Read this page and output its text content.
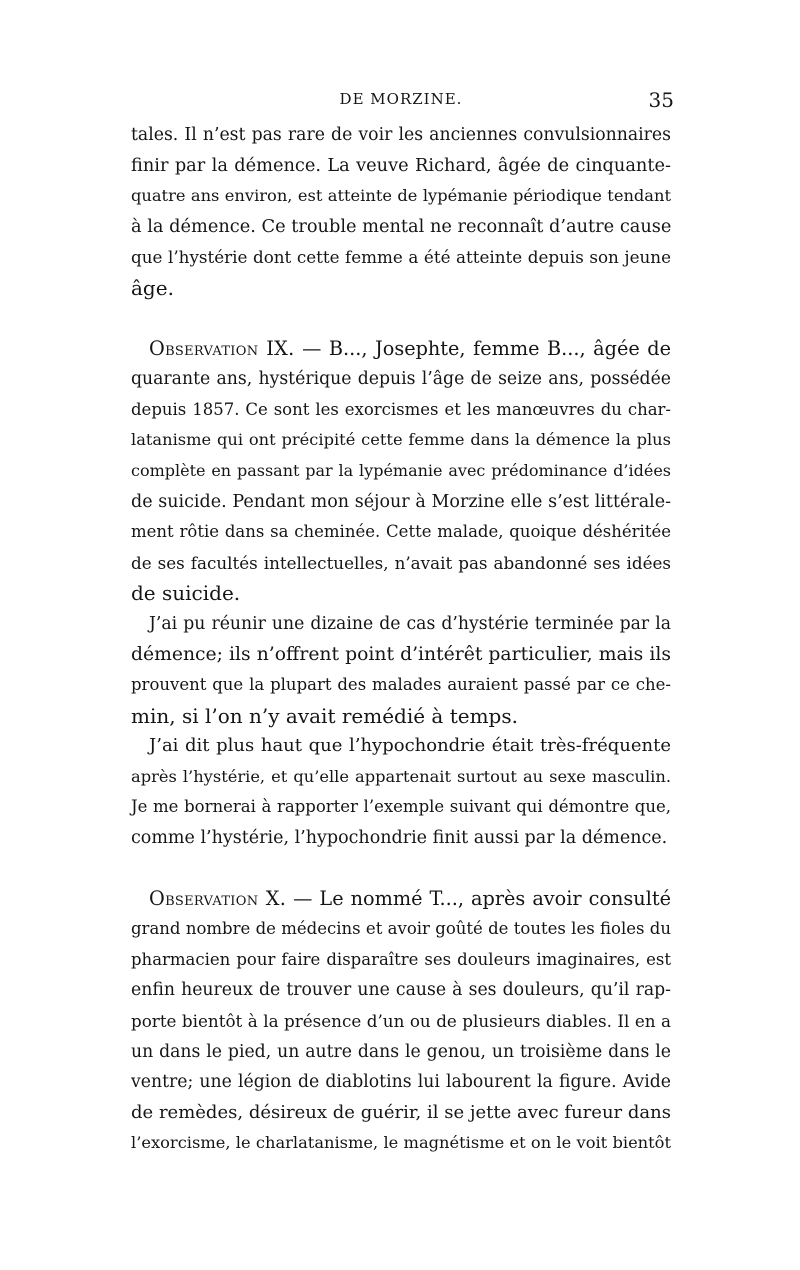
DE MORZINE.	35
tales. Il n’est pas rare de voir les anciennes convulsionnaires
finir par la démence. La veuve Richard, âgée de cinquante-
quatre ans environ, est atteinte de lypémanie périodique tendant
à la démence. Ce trouble mental ne reconnaît d’autre cause
que l’hystérie dont cette femme a été atteinte depuis son jeune
âge.
Observation IX. — B..., Josephte, femme B..., âgée de
quarante ans, hystérique depuis l’âge de seize ans, possédée
depuis 1857. Ce sont les exorcismes et les manœuvres du char-
latanisme qui ont précipité cette femme dans la démence la plus
complète en passant par la lypémanie avec prédominance d’idées
de suicide. Pendant mon séjour à Morzine elle s’est littérale-
ment rôtie dans sa cheminée. Cette malade, quoique déshéritée
de ses facultés intellectuelles, n’avait pas abandonné ses idées
de suicide.
J’ai pu réunir une dizaine de cas d’hystérie terminée par la
démence; ils n’offrent point d’intérêt particulier, mais ils
prouvent que la plupart des malades auraient passé par ce che-
min, si l’on n’y avait remédié à temps.
J’ai dit plus haut que l’hypochondrie était très-fréquente
après l’hystérie, et qu’elle appartenait surtout au sexe masculin.
Je me bornerai à rapporter l’exemple suivant qui démontre que,
comme l’hystérie, l’hypochondrie finit aussi par la démence.
Observation X. — Le nommé T..., après avoir consulté
grand nombre de médecins et avoir goûté de toutes les fioles du
pharmacien pour faire disparaître ses douleurs imaginaires, est
enfin heureux de trouver une cause à ses douleurs, qu’il rap-
porte bientôt à la présence d’un ou de plusieurs diables. Il en a
un dans le pied, un autre dans le genou, un troisième dans le
ventre; une légion de diablotins lui labourent la figure. Avide
de remèdes, désireux de guérir, il se jette avec fureur dans
l’exorcisme, le charlatanisme, le magnétisme et on le voit bientôt
